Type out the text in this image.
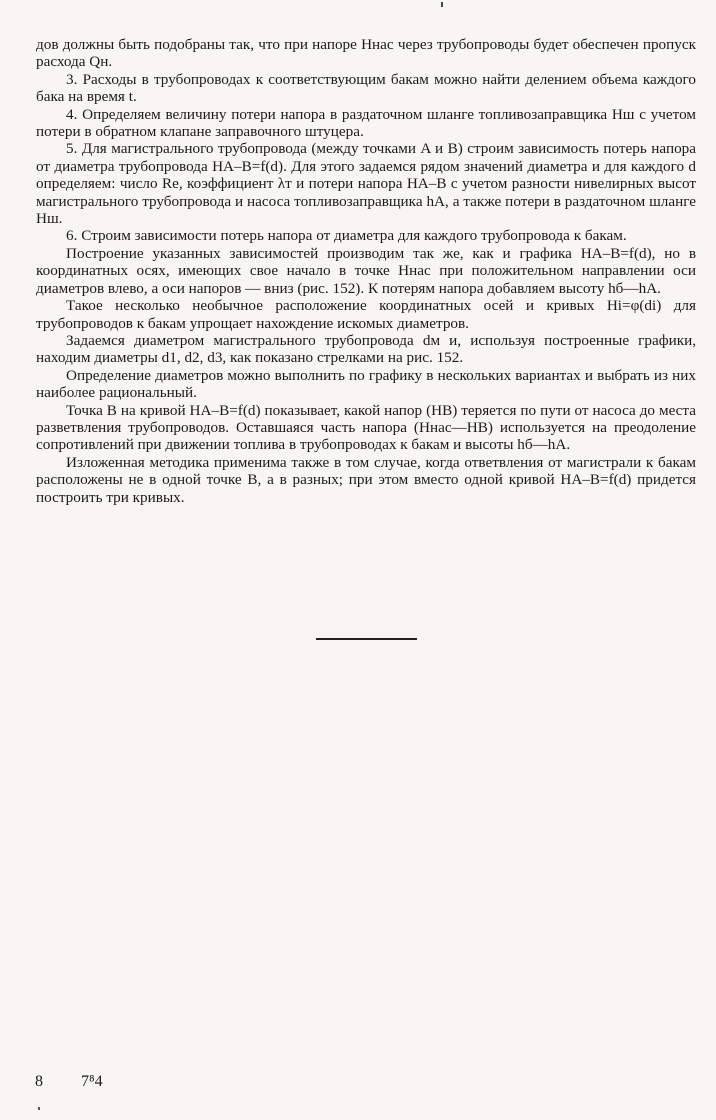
дов должны быть подобраны так, что при напоре Hнас через трубопроводы будет обеспечен пропуск расхода Qн.

3. Расходы в трубопроводах к соответствующим бакам можно найти делением объема каждого бака на время t.

4. Определяем величину потери напора в раздаточном шланге топливозаправщика Hш с учетом потери в обратном клапане заправочного штуцера.

5. Для магистрального трубопровода (между точками A и B) строим зависимость потерь напора от диаметра трубопровода HA–B=f(d). Для этого задаемся рядом значений диаметра и для каждого d определяем: число Re, коэффициент λт и потери напора HA–B с учетом разности нивелирных высот магистрального трубопровода и насоса топливозаправщика hA, а также потери в раздаточном шланге Hш.

6. Строим зависимости потерь напора от диаметра для каждого трубопровода к бакам.

Построение указанных зависимостей производим так же, как и графика HA–B=f(d), но в координатных осях, имеющих свое начало в точке Hнас при положительном направлении оси диаметров влево, а оси напоров — вниз (рис. 152). К потерям напора добавляем высоту hб—hA.

Такое несколько необычное расположение координатных осей и кривых Hi=φ(di) для трубопроводов к бакам упрощает нахождение искомых диаметров.

Задаемся диаметром магистрального трубопровода dм и, используя построенные графики, находим диаметры d1, d2, d3, как показано стрелками на рис. 152.

Определение диаметров можно выполнить по графику в нескольких вариантах и выбрать из них наиболее рациональный.

Точка B на кривой HA–B=f(d) показывает, какой напор (HB) теряется по пути от насоса до места разветвления трубопроводов. Оставшаяся часть напора (Hнас—HB) используется на преодоление сопротивлений при движении топлива в трубопроводах к бакам и высоты hб—hA.

Изложенная методика применима также в том случае, когда ответвления от магистрали к бакам расположены не в одной точке B, а в разных; при этом вместо одной кривой HA–B=f(d) придется построить три кривых.

8 7⁸4
